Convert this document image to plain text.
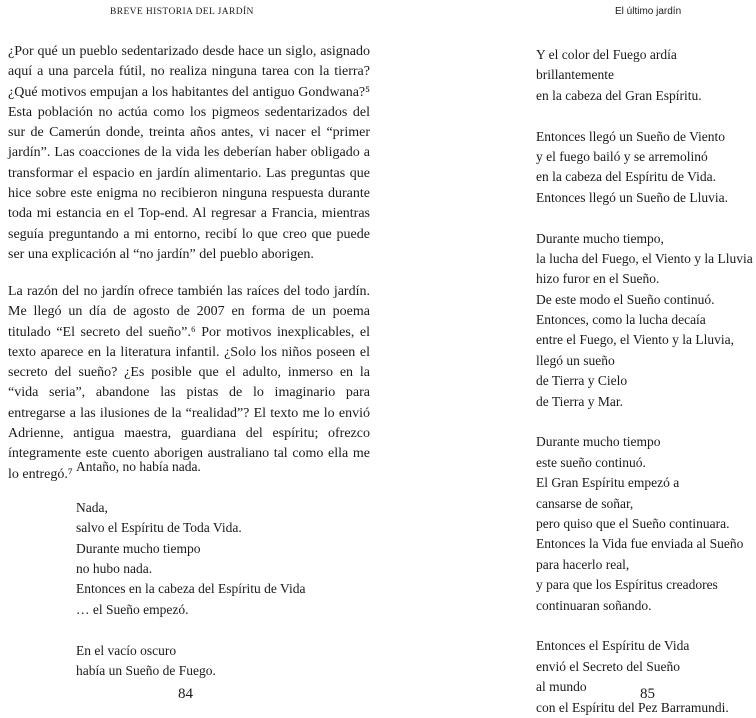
BREVE HISTORIA DEL JARDÍN

¿Por qué un pueblo sedentarizado desde hace un siglo, asignado aquí a una parcela fútil, no realiza ninguna tarea con la tierra? ¿Qué motivos empujan a los habitantes del antiguo Gondwana?⁵ Esta población no actúa como los pigmeos sedentarizados del sur de Camerún donde, treinta años antes, vi nacer el “primer jardín”. Las coacciones de la vida les deberían haber obligado a transformar el espacio en jardín alimentario. Las preguntas que hice sobre este enigma no recibieron ninguna respuesta durante toda mi estancia en el Top-end. Al regresar a Francia, mientras seguía preguntando a mi entorno, recibí lo que creo que puede ser una explicación al “no jardín” del pueblo aborigen.

La razón del no jardín ofrece también las raíces del todo jardín. Me llegó un día de agosto de 2007 en forma de un poema titulado “El secreto del sueño”.⁶ Por motivos inexplicables, el texto aparece en la literatura infantil. ¿Solo los niños poseen el secreto del sueño? ¿Es posible que el adulto, inmerso en la “vida seria”, abandone las pistas de lo imaginario para entregarse a las ilusiones de la “realidad”? El texto me lo envió Adrienne, antigua maestra, guardiana del espíritu; ofrezco íntegramente este cuento aborigen australiano tal como ella me lo entregó.⁷

Antaño, no había nada.
Nada,
salvo el Espíritu de Toda Vida.
Durante mucho tiempo
no hubo nada.
Entonces en la cabeza del Espíritu de Vida
… el Sueño empezó.
En el vacío oscuro
había un Sueño de Fuego.
84
El último jardín
Y el color del Fuego ardía
brillantemente
en la cabeza del Gran Espíritu.
Entonces llegó un Sueño de Viento
y el fuego bailó y se arremolinó
en la cabeza del Espíritu de Vida.
Entonces llegó un Sueño de Lluvia.
Durante mucho tiempo,
la lucha del Fuego, el Viento y la Lluvia
hizo furor en el Sueño.
De este modo el Sueño continuó.
Entonces, como la lucha decaía
entre el Fuego, el Viento y la Lluvia,
llegó un sueño
de Tierra y Cielo
de Tierra y Mar.
Durante mucho tiempo
este sueño continuó.
El Gran Espíritu empezó a
cansarse de soñar,
pero quiso que el Sueño continuara.
Entonces la Vida fue enviada al Sueño
para hacerlo real,
y para que los Espíritus creadores
continuaran soñando.
Entonces el Espíritu de Vida
envió el Secreto del Sueño
al mundo
con el Espíritu del Pez Barramundi.
85
